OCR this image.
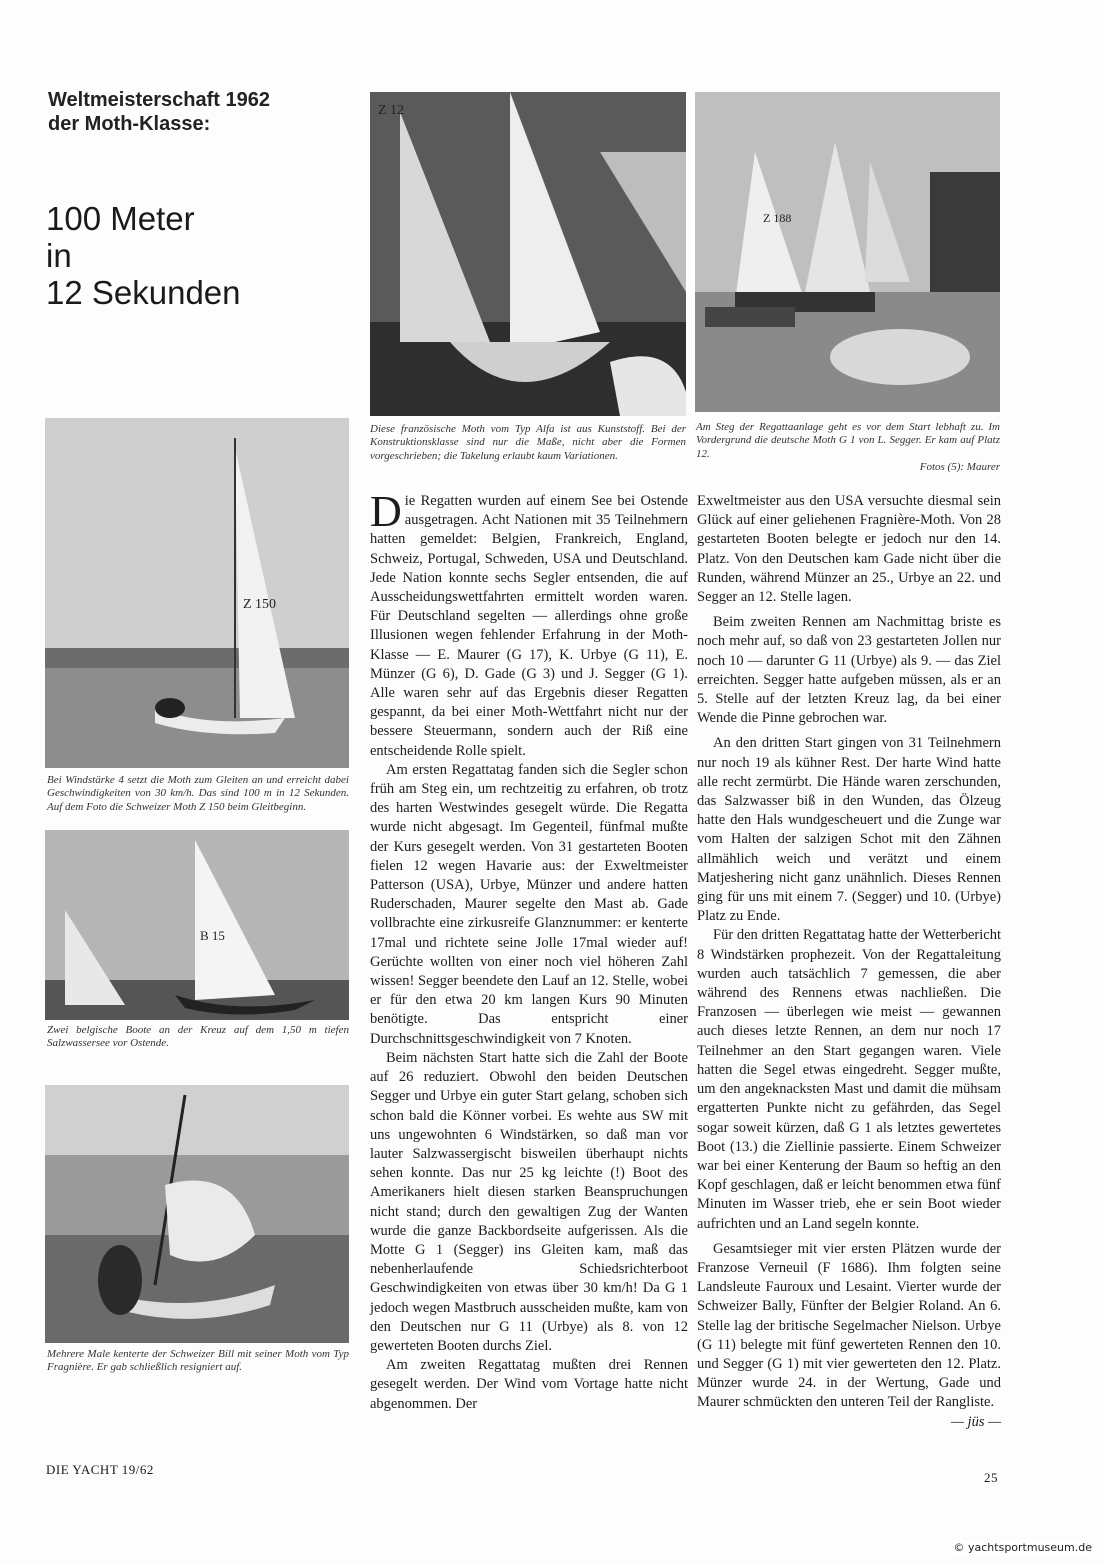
Weltmeisterschaft 1962
der Moth-Klasse:
100 Meter
in
12 Sekunden
Z 12
Diese französische Moth vom Typ Alfa ist aus Kunststoff. Bei der Konstruktionsklasse sind nur die Maße, nicht aber die Formen vorgeschrieben; die Takelung erlaubt kaum Variationen.
Z 188
Am Steg der Regattaanlage geht es vor dem Start lebhaft zu. Im Vordergrund die deutsche Moth G 1 von L. Segger. Er kam auf Platz 12.
Fotos (5): Maurer
Z 150
Bei Windstärke 4 setzt die Moth zum Gleiten an und erreicht dabei Geschwindigkeiten von 30 km/h. Das sind 100 m in 12 Sekunden. Auf dem Foto die Schweizer Moth Z 150 beim Gleitbeginn.
B 15
Zwei belgische Boote an der Kreuz auf dem 1,50 m tiefen Salzwassersee vor Ostende.
Mehrere Male kenterte der Schweizer Bill mit seiner Moth vom Typ Fragnière. Er gab schließlich resigniert auf.

Die Regatten wurden auf einem See bei Ostende ausgetragen. Acht Nationen mit 35 Teilnehmern hatten gemeldet: Belgien, Frankreich, England, Schweiz, Portugal, Schweden, USA und Deutschland. Jede Nation konnte sechs Segler entsenden, die auf Ausscheidungswettfahrten ermittelt worden waren. Für Deutschland segelten — allerdings ohne große Illusionen wegen fehlender Erfahrung in der Moth-Klasse — E. Maurer (G 17), K. Urbye (G 11), E. Münzer (G 6), D. Gade (G 3) und J. Segger (G 1). Alle waren sehr auf das Ergebnis dieser Regatten gespannt, da bei einer Moth-Wettfahrt nicht nur der bessere Steuermann, sondern auch der Riß eine entscheidende Rolle spielt.

Am ersten Regattatag fanden sich die Segler schon früh am Steg ein, um rechtzeitig zu erfahren, ob trotz des harten Westwindes gesegelt würde. Die Regatta wurde nicht abgesagt. Im Gegenteil, fünfmal mußte der Kurs gesegelt werden. Von 31 gestarteten Booten fielen 12 wegen Havarie aus: der Exweltmeister Patterson (USA), Urbye, Münzer und andere hatten Ruderschaden, Maurer segelte den Mast ab. Gade vollbrachte eine zirkusreife Glanznummer: er kenterte 17mal und richtete seine Jolle 17mal wieder auf! Gerüchte wollten von einer noch viel höheren Zahl wissen! Segger beendete den Lauf an 12. Stelle, wobei er für den etwa 20 km langen Kurs 90 Minuten benötigte. Das entspricht einer Durchschnittsgeschwindigkeit von 7 Knoten.

Beim nächsten Start hatte sich die Zahl der Boote auf 26 reduziert. Obwohl den beiden Deutschen Segger und Urbye ein guter Start gelang, schoben sich schon bald die Könner vorbei. Es wehte aus SW mit uns ungewohnten 6 Windstärken, so daß man vor lauter Salzwassergischt bisweilen überhaupt nichts sehen konnte. Das nur 25 kg leichte (!) Boot des Amerikaners hielt diesen starken Beanspruchungen nicht stand; durch den gewaltigen Zug der Wanten wurde die ganze Backbordseite aufgerissen. Als die Motte G 1 (Segger) ins Gleiten kam, maß das nebenherlaufende Schiedsrichterboot Geschwindigkeiten von etwas über 30 km/h! Da G 1 jedoch wegen Mastbruch ausscheiden mußte, kam von den Deutschen nur G 11 (Urbye) als 8. von 12 gewerteten Booten durchs Ziel.

Am zweiten Regattatag mußten drei Rennen gesegelt werden. Der Wind vom Vortage hatte nicht abgenommen. Der

Exweltmeister aus den USA versuchte diesmal sein Glück auf einer geliehenen Fragnière-Moth. Von 28 gestarteten Booten belegte er jedoch nur den 14. Platz. Von den Deutschen kam Gade nicht über die Runden, während Münzer an 25., Urbye an 22. und Segger an 12. Stelle lagen.

Beim zweiten Rennen am Nachmittag briste es noch mehr auf, so daß von 23 gestarteten Jollen nur noch 10 — darunter G 11 (Urbye) als 9. — das Ziel erreichten. Segger hatte aufgeben müssen, als er an 5. Stelle auf der letzten Kreuz lag, da bei einer Wende die Pinne gebrochen war.

An den dritten Start gingen von 31 Teilnehmern nur noch 19 als kühner Rest. Der harte Wind hatte alle recht zermürbt. Die Hände waren zerschunden, das Salzwasser biß in den Wunden, das Ölzeug hatte den Hals wundgescheuert und die Zunge war vom Halten der salzigen Schot mit den Zähnen allmählich weich und verätzt und einem Matjeshering nicht ganz unähnlich. Dieses Rennen ging für uns mit einem 7. (Segger) und 10. (Urbye) Platz zu Ende.

Für den dritten Regattatag hatte der Wetterbericht 8 Windstärken prophezeit. Von der Regattaleitung wurden auch tatsächlich 7 gemessen, die aber während des Rennens etwas nachließen. Die Franzosen — überlegen wie meist — gewannen auch dieses letzte Rennen, an dem nur noch 17 Teilnehmer an den Start gegangen waren. Viele hatten die Segel etwas eingedreht. Segger mußte, um den angeknacksten Mast und damit die mühsam ergatterten Punkte nicht zu gefährden, das Segel sogar soweit kürzen, daß G 1 als letztes gewertetes Boot (13.) die Ziellinie passierte. Einem Schweizer war bei einer Kenterung der Baum so heftig an den Kopf geschlagen, daß er leicht benommen etwa fünf Minuten im Wasser trieb, ehe er sein Boot wieder aufrichten und an Land segeln konnte.

Gesamtsieger mit vier ersten Plätzen wurde der Franzose Verneuil (F 1686). Ihm folgten seine Landsleute Fauroux und Lesaint. Vierter wurde der Schweizer Bally, Fünfter der Belgier Roland. An 6. Stelle lag der britische Segelmacher Nielson. Urbye (G 11) belegte mit fünf gewerteten Rennen den 10. und Segger (G 1) mit vier gewerteten den 12. Platz. Münzer wurde 24. in der Wertung, Gade und Maurer schmückten den unteren Teil der Rangliste.

— jüs —
DIE YACHT 19/62
25
© yachtsportmuseum.de
